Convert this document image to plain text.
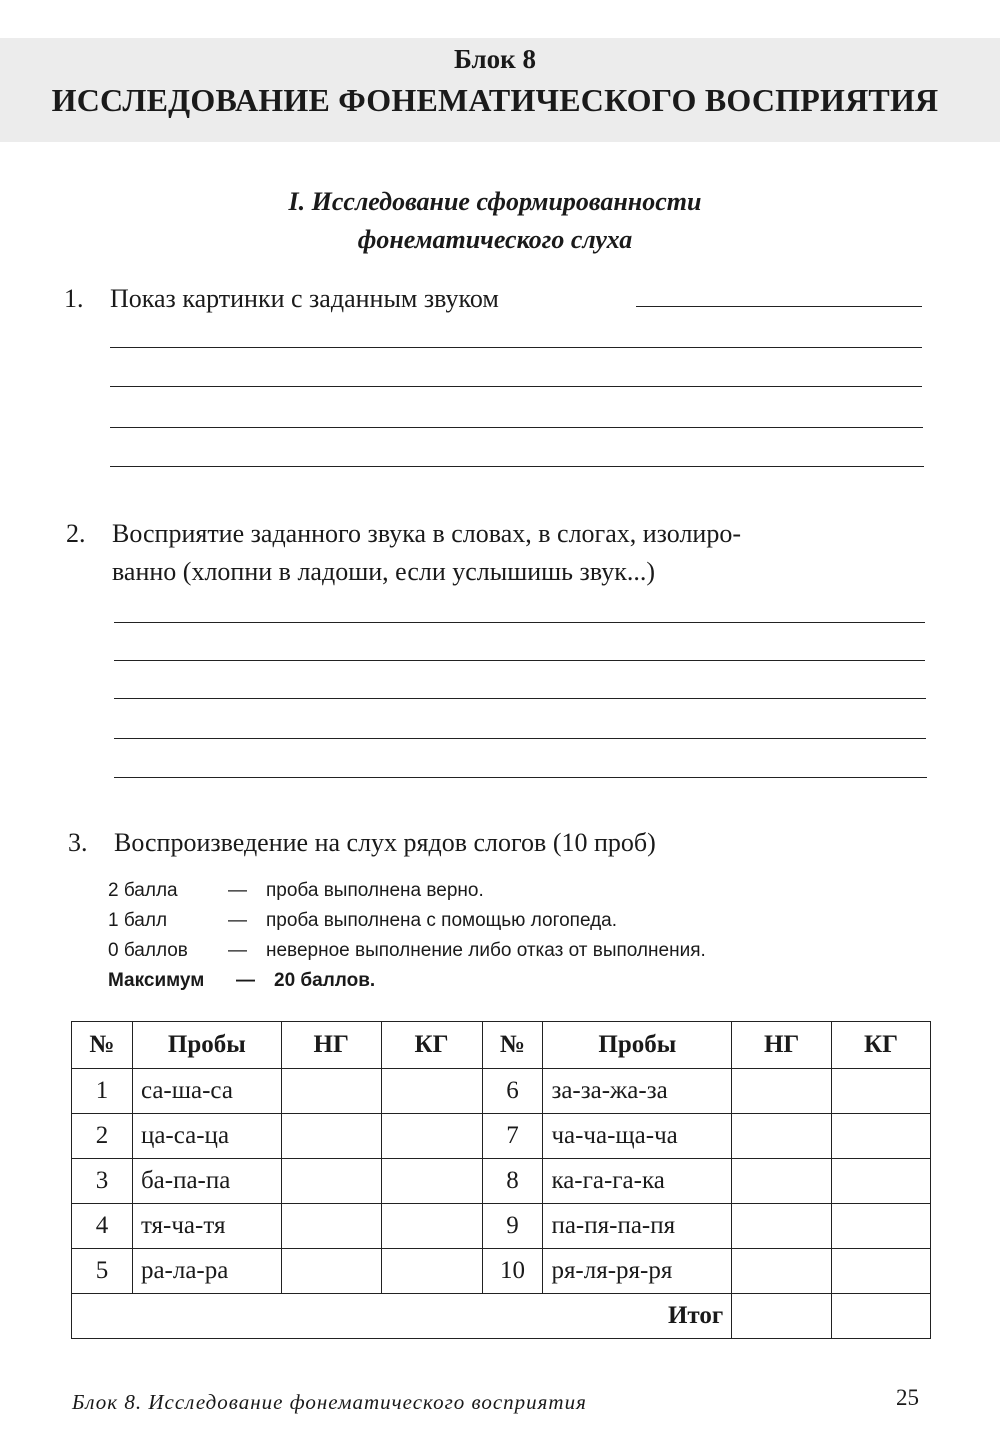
Блок 8
ИССЛЕДОВАНИЕ ФОНЕМАТИЧЕСКОГО ВОСПРИЯТИЯ
I. Исследование сформированности
фонематического слуха
1. Показ картинки с заданным звуком
2. Восприятие заданного звука в словах, в слогах, изолиро-
ванно (хлопни в ладоши, если услышишь звук...)
3. Воспроизведение на слух рядов слогов (10 проб)
2 балла	—	проба выполнена верно.
1 балл	—	проба выполнена с помощью логопеда.
0 баллов	—	неверное выполнение либо отказ от выполнения.
Максимум	—	20 баллов.
№	Пробы	НГ	КГ	№	Пробы	НГ	КГ
1	са-ша-са			6	за-за-жа-за		
2	ца-са-ца			7	ча-ча-ща-ча		
3	ба-па-па			8	ка-га-га-ка		
4	тя-ча-тя			9	па-пя-па-пя		
5	ра-ла-ра			10	ря-ля-ря-ря		
Итог							
Блок 8. Исследование фонематического восприятия	25
